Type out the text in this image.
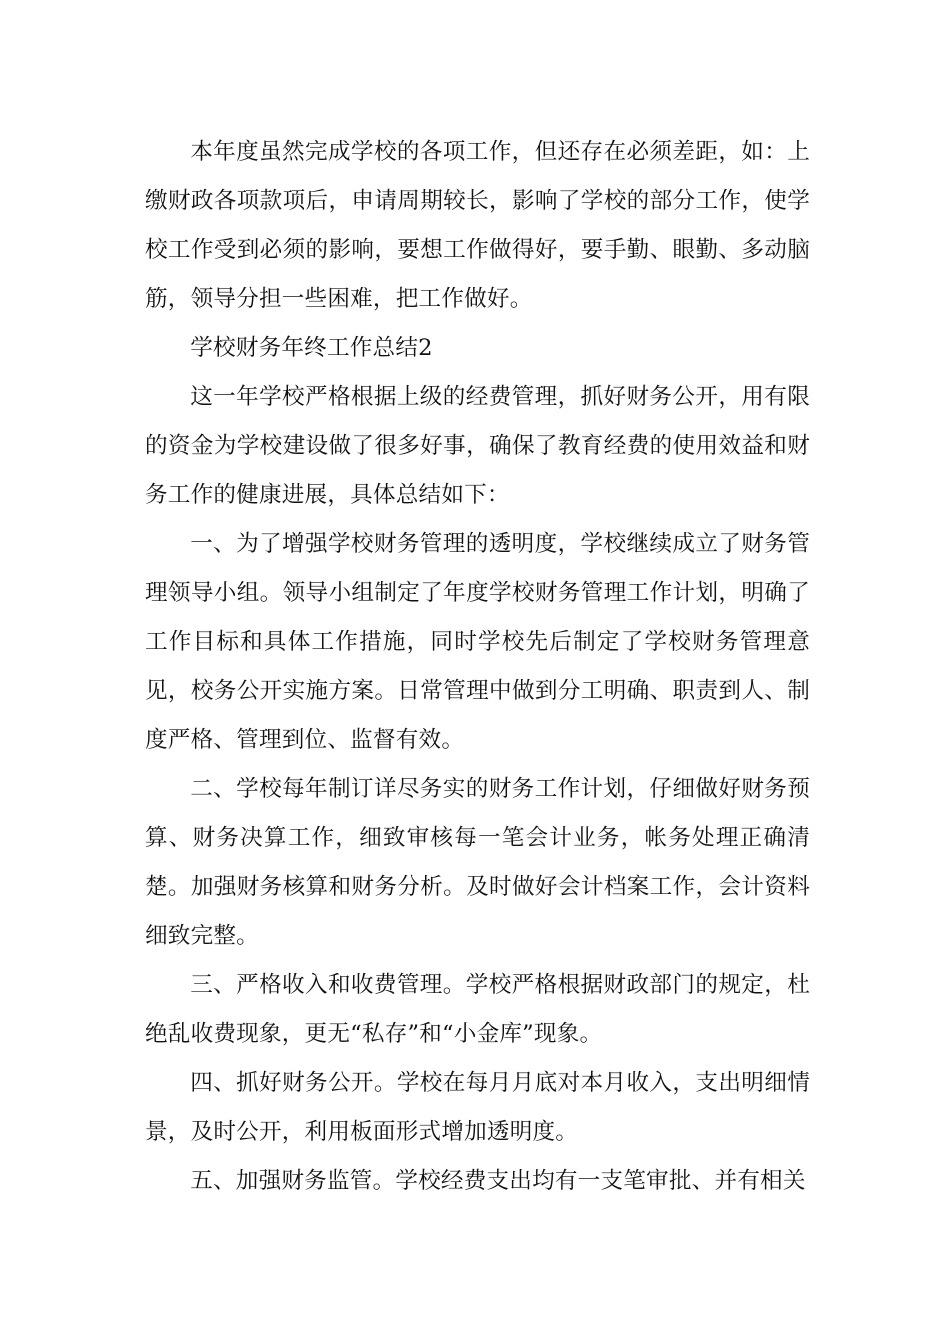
本年度虽然完成学校的各项工作，但还存在必须差距，如：上缴财政各项款项后，申请周期较长，影响了学校的部分工作，使学校工作受到必须的影响，要想工作做得好，要手勤、眼勤、多动脑筋，领导分担一些困难，把工作做好。

学校财务年终工作总结2

这一年学校严格根据上级的经费管理，抓好财务公开，用有限的资金为学校建设做了很多好事，确保了教育经费的使用效益和财务工作的健康进展，具体总结如下：

一、为了增强学校财务管理的透明度，学校继续成立了财务管理领导小组。领导小组制定了年度学校财务管理工作计划，明确了工作目标和具体工作措施，同时学校先后制定了学校财务管理意见，校务公开实施方案。日常管理中做到分工明确、职责到人、制度严格、管理到位、监督有效。

二、学校每年制订详尽务实的财务工作计划，仔细做好财务预算、财务决算工作，细致审核每一笔会计业务，帐务处理正确清楚。加强财务核算和财务分析。及时做好会计档案工作，会计资料细致完整。

三、严格收入和收费管理。学校严格根据财政部门的规定，杜绝乱收费现象，更无“私存”和“小金库”现象。

四、抓好财务公开。学校在每月月底对本月收入，支出明细情景，及时公开，利用板面形式增加透明度。

五、加强财务监管。学校经费支出均有一支笔审批、并有相关
